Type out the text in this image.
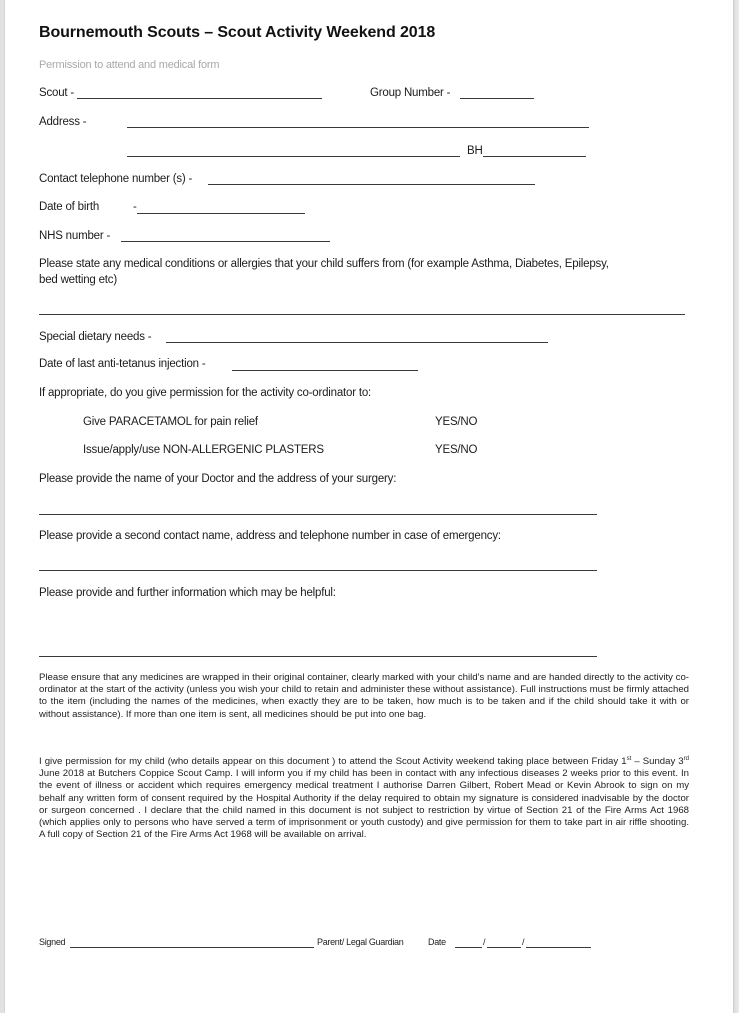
Bournemouth Scouts – Scout Activity Weekend 2018
Permission to attend and medical form
Scout -	Group Number -
Address -
BH
Contact telephone number (s) -
Date of birth	-
NHS number -
Please state any medical conditions or allergies that your child suffers from (for example Asthma, Diabetes, Epilepsy,
bed wetting etc)
Special dietary needs -
Date of last anti-tetanus injection -
If appropriate, do you give permission for the activity co-ordinator to:
Give PARACETAMOL for pain relief	YES/NO
Issue/apply/use NON-ALLERGENIC PLASTERS	YES/NO
Please provide the name of your Doctor and the address of your surgery:
Please provide a second contact name, address and telephone number in case of emergency:
Please provide and further information which may be helpful:
Please ensure that any medicines are wrapped in their original container, clearly marked with your child’s name and are handed directly to the activity co-ordinator at the start of the activity (unless you wish your child to retain and administer these without assistance). Full instructions must be firmly attached to the item (including the names of the medicines, when exactly they are to be taken, how much is to be taken and if the child should take it with or without assistance). If more than one item is sent, all medicines should be put into one bag.
I give permission for my child (who details appear on this document ) to attend the Scout Activity weekend taking place between Friday 1st – Sunday 3rd June 2018 at Butchers Coppice Scout Camp. I will inform you if my child has been in contact with any infectious diseases 2 weeks prior to this event. In the event of illness or accident which requires emergency medical treatment I authorise Darren Gilbert, Robert Mead or Kevin Abrook to sign on my behalf any written form of consent required by the Hospital Authority if the delay required to obtain my signature is considered inadvisable by the doctor or surgeon concerned . I declare that the child named in this document is not subject to restriction by virtue of Section 21 of the Fire Arms Act 1968 (which applies only to persons who have served a term of imprisonment or youth custody) and give permission for them to take part in air riffle shooting. A full copy of Section 21 of the Fire Arms Act 1968 will be available on arrival.
Signed	Parent/ Legal Guardian	Date	/	/
